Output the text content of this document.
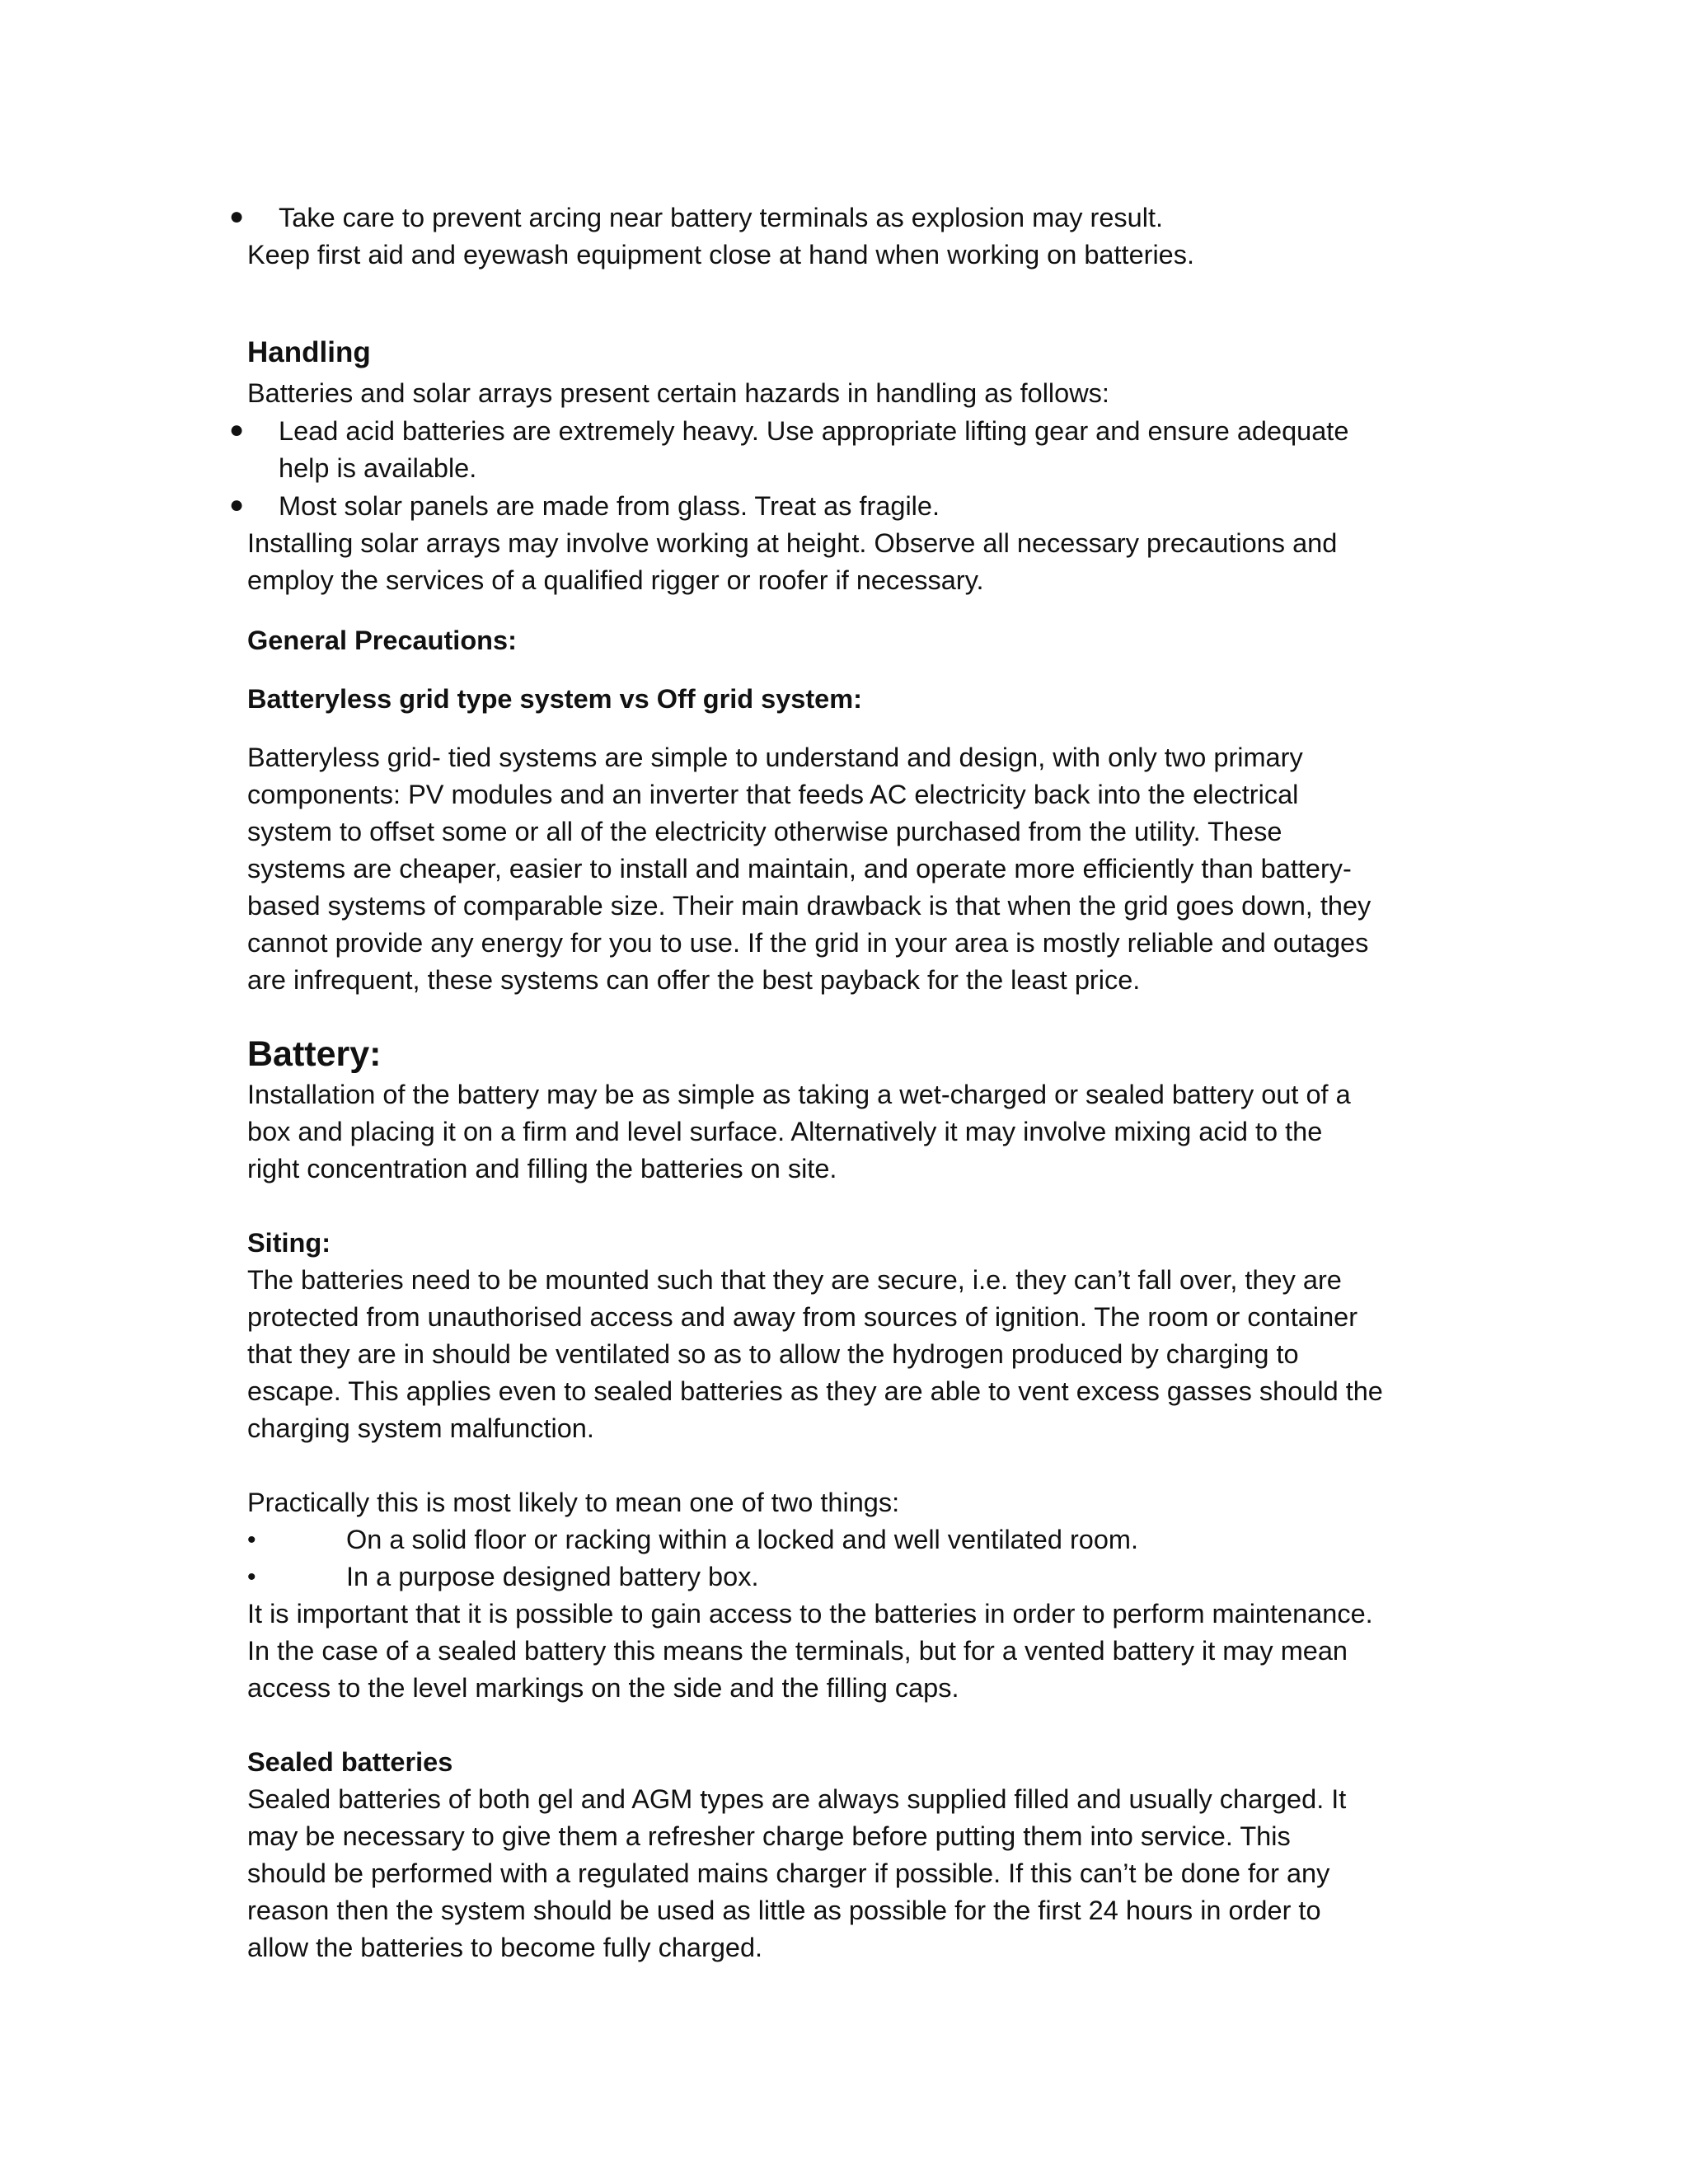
● Take care to prevent arcing near battery terminals as explosion may result.

Keep first aid and eyewash equipment close at hand when working on batteries.

Handling

Batteries and solar arrays present certain hazards in handling as follows:

● Lead acid batteries are extremely heavy. Use appropriate lifting gear and ensure adequate

help is available.

● Most solar panels are made from glass. Treat as fragile.

Installing solar arrays may involve working at height. Observe all necessary precautions and

employ the services of a qualified rigger or roofer if necessary.

General Precautions:

Batteryless grid type system vs Off grid system:

Batteryless grid- tied systems are simple to understand and design, with only two primary

components: PV modules and an inverter that feeds AC electricity back into the electrical

system to offset some or all of the electricity otherwise purchased from the utility. These

systems are cheaper, easier to install and maintain, and operate more efficiently than battery-

based systems of comparable size. Their main drawback is that when the grid goes down, they

cannot provide any energy for you to use. If the grid in your area is mostly reliable and outages

are infrequent, these systems can offer the best payback for the least price.

Battery:

Installation of the battery may be as simple as taking a wet-charged or sealed battery out of a

box and placing it on a firm and level surface. Alternatively it may involve mixing acid to the

right concentration and filling the batteries on site.

Siting:

The batteries need to be mounted such that they are secure, i.e. they can’t fall over, they are

protected from unauthorised access and away from sources of ignition. The room or container

that they are in should be ventilated so as to allow the hydrogen produced by charging to

escape. This applies even to sealed batteries as they are able to vent excess gasses should the

charging system malfunction.

Practically this is most likely to mean one of two things:

•	On a solid floor or racking within a locked and well ventilated room.

•	In a purpose designed battery box.

It is important that it is possible to gain access to the batteries in order to perform maintenance.

In the case of a sealed battery this means the terminals, but for a vented battery it may mean

access to the level markings on the side and the filling caps.

Sealed batteries

Sealed batteries of both gel and AGM types are always supplied filled and usually charged. It

may be necessary to give them a refresher charge before putting them into service. This

should be performed with a regulated mains charger if possible. If this can’t be done for any

reason then the system should be used as little as possible for the first 24 hours in order to

allow the batteries to become fully charged.
